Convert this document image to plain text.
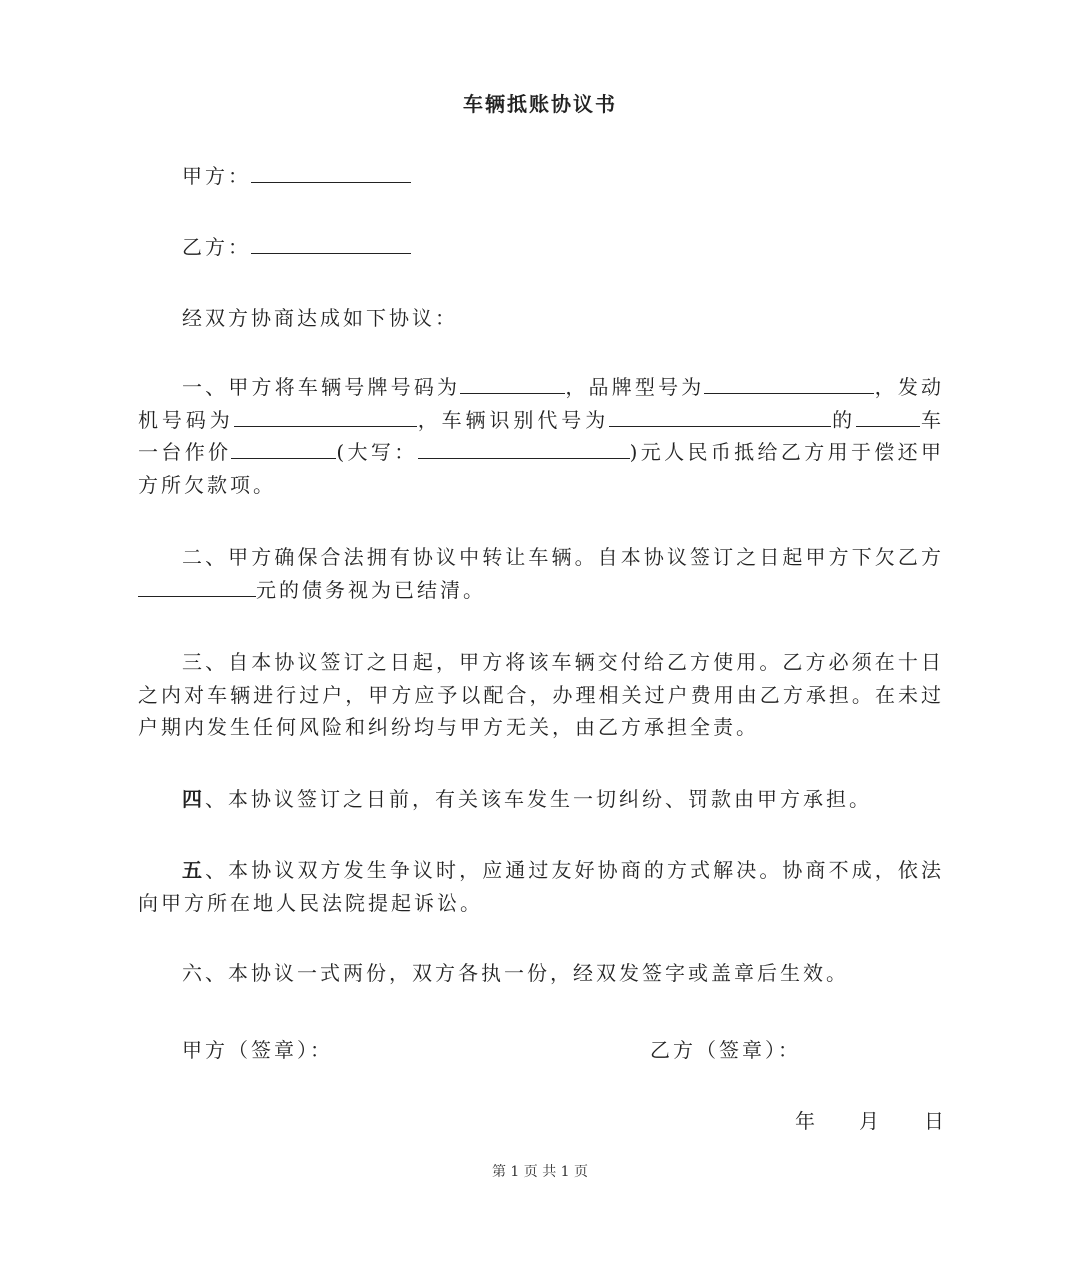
车辆抵账协议书
甲方：
乙方：
经双方协商达成如下协议：
一、甲方将车辆号牌号码为	，品牌型号为	，发动机号码为	，车辆识别代号为	的	车一台作价	(大写：	)元人民币抵给乙方用于偿还甲方所欠款项。
二、甲方确保合法拥有协议中转让车辆。自本协议签订之日起甲方下欠乙方元的债务视为已结清。
三、自本协议签订之日起，甲方将该车辆交付给乙方使用。乙方必须在十日之内对车辆进行过户，甲方应予以配合，办理相关过户费用由乙方承担。在未过户期内发生任何风险和纠纷均与甲方无关，由乙方承担全责。
四、本协议签订之日前，有关该车发生一切纠纷、罚款由甲方承担。
五、本协议双方发生争议时，应通过友好协商的方式解决。协商不成，依法向甲方所在地人民法院提起诉讼。
六、本协议一式两份，双方各执一份，经双发签字或盖章后生效。
甲方（签章）：	乙方（签章）：
年 月 日
第 1 页 共 1 页
